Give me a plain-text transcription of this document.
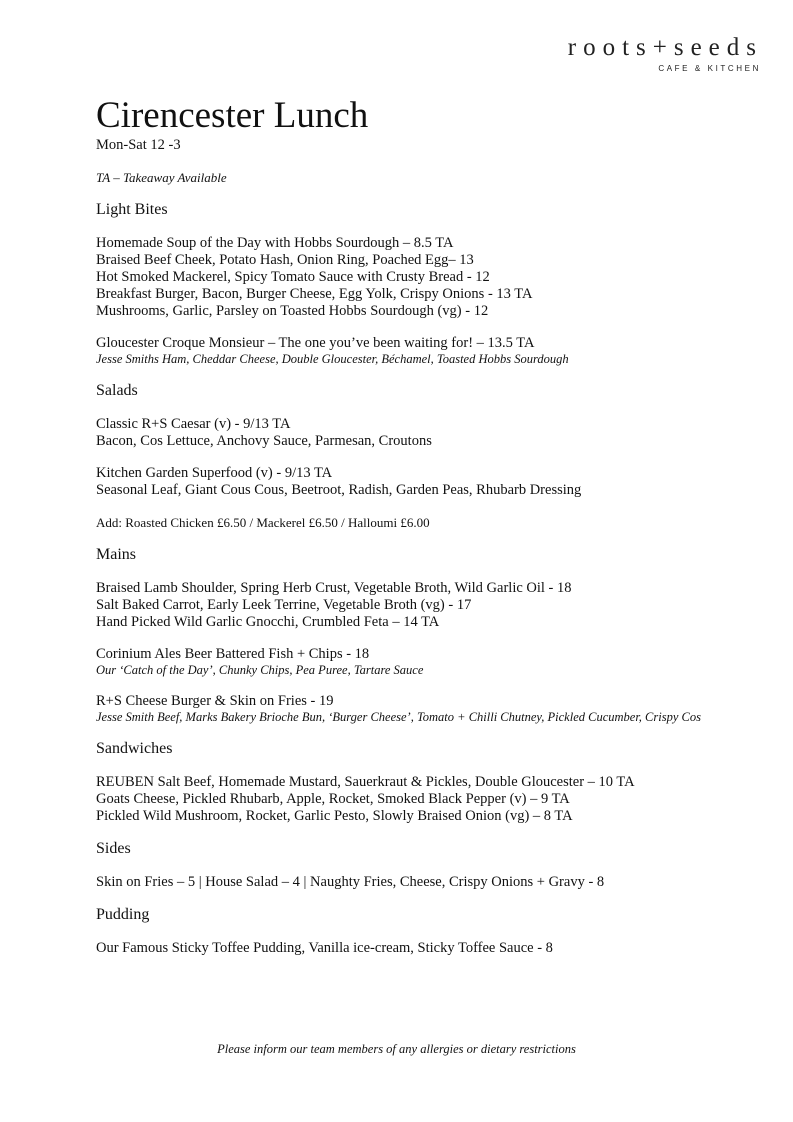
roots+seeds
CAFE & KITCHEN
Cirencester Lunch
Mon-Sat 12 -3
TA – Takeaway Available
Light Bites
Homemade Soup of the Day with Hobbs Sourdough – 8.5 TA
Braised Beef Cheek, Potato Hash, Onion Ring, Poached Egg– 13
Hot Smoked Mackerel, Spicy Tomato Sauce with Crusty Bread - 12
Breakfast Burger, Bacon, Burger Cheese, Egg Yolk, Crispy Onions - 13 TA
Mushrooms, Garlic, Parsley on Toasted Hobbs Sourdough (vg) - 12
Gloucester Croque Monsieur – The one you’ve been waiting for! – 13.5 TA
Jesse Smiths Ham, Cheddar Cheese, Double Gloucester, Béchamel, Toasted Hobbs Sourdough
Salads
Classic R+S Caesar (v) - 9/13 TA
Bacon, Cos Lettuce, Anchovy Sauce, Parmesan, Croutons
Kitchen Garden Superfood (v) - 9/13 TA
Seasonal Leaf, Giant Cous Cous, Beetroot, Radish, Garden Peas, Rhubarb Dressing
Add: Roasted Chicken £6.50 / Mackerel £6.50 / Halloumi £6.00
Mains
Braised Lamb Shoulder, Spring Herb Crust, Vegetable Broth, Wild Garlic Oil - 18
Salt Baked Carrot, Early Leek Terrine, Vegetable Broth (vg) - 17
Hand Picked Wild Garlic Gnocchi, Crumbled Feta – 14 TA
Corinium Ales Beer Battered Fish + Chips - 18
Our ‘Catch of the Day’, Chunky Chips, Pea Puree, Tartare Sauce
R+S Cheese Burger & Skin on Fries - 19
Jesse Smith Beef, Marks Bakery Brioche Bun, ‘Burger Cheese’, Tomato + Chilli Chutney, Pickled Cucumber, Crispy Cos
Sandwiches
REUBEN Salt Beef, Homemade Mustard, Sauerkraut & Pickles, Double Gloucester – 10 TA
Goats Cheese, Pickled Rhubarb, Apple, Rocket, Smoked Black Pepper (v) – 9 TA
Pickled Wild Mushroom, Rocket, Garlic Pesto, Slowly Braised Onion (vg) – 8 TA
Sides
Skin on Fries – 5 | House Salad – 4 | Naughty Fries, Cheese, Crispy Onions + Gravy - 8
Pudding
Our Famous Sticky Toffee Pudding, Vanilla ice-cream, Sticky Toffee Sauce - 8
Please inform our team members of any allergies or dietary restrictions
